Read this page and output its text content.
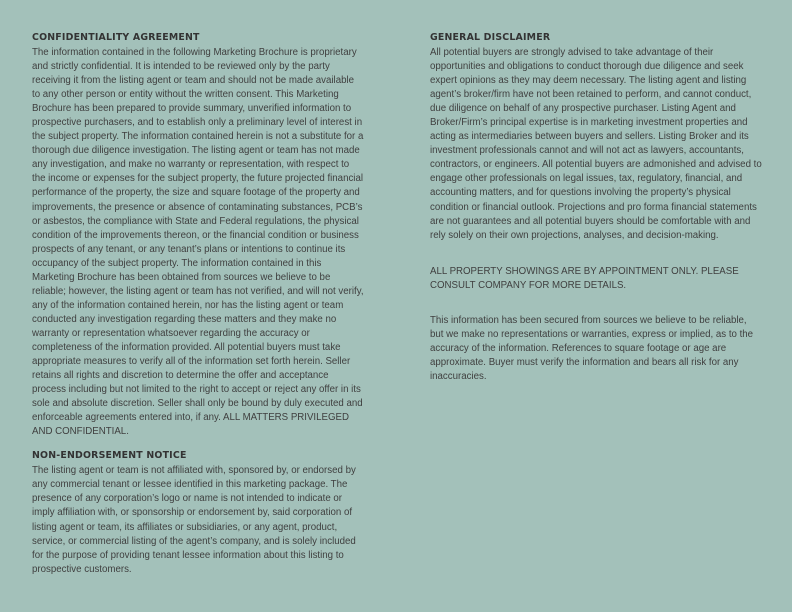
CONFIDENTIALITY AGREEMENT

The information contained in the following Marketing Brochure is proprietary and strictly confidential. It is intended to be reviewed only by the party receiving it from the listing agent or team and should not be made available to any other person or entity without the written consent. This Marketing Brochure has been prepared to provide summary, unverified information to prospective purchasers, and to establish only a preliminary level of interest in the subject property. The information contained herein is not a substitute for a thorough due diligence investigation. The listing agent or team has not made any investigation, and make no warranty or representation, with respect to the income or expenses for the subject property, the future projected financial performance of the property, the size and square footage of the property and improvements, the presence or absence of contaminating substances, PCB’s or asbestos, the compliance with State and Federal regulations, the physical condition of the improvements thereon, or the financial condition or business prospects of any tenant, or any tenant’s plans or intentions to continue its occupancy of the subject property. The information contained in this Marketing Brochure has been obtained from sources we believe to be reliable; however, the listing agent or team has not verified, and will not verify, any of the information contained herein, nor has the listing agent or team conducted any investigation regarding these matters and they make no warranty or representation whatsoever regarding the accuracy or completeness of the information provided. All potential buyers must take appropriate measures to verify all of the information set forth herein. Seller retains all rights and discretion to determine the offer and acceptance process including but not limited to the right to accept or reject any offer in its sole and absolute discretion. Seller shall only be bound by duly executed and enforceable agreements entered into, if any. ALL MATTERS PRIVILEGED AND CONFIDENTIAL.

NON-ENDORSEMENT NOTICE

The listing agent or team is not affiliated with, sponsored by, or endorsed by any commercial tenant or lessee identified in this marketing package. The presence of any corporation’s logo or name is not intended to indicate or imply affiliation with, or sponsorship or endorsement by, said corporation of listing agent or team, its affiliates or subsidiaries, or any agent, product, service, or commercial listing of the agent’s company, and is solely included for the purpose of providing tenant lessee information about this listing to prospective customers.

GENERAL DISCLAIMER

All potential buyers are strongly advised to take advantage of their opportunities and obligations to conduct thorough due diligence and seek expert opinions as they may deem necessary. The listing agent and listing agent’s broker/firm have not been retained to perform, and cannot conduct, due diligence on behalf of any prospective purchaser. Listing Agent and Broker/Firm’s principal expertise is in marketing investment properties and acting as intermediaries between buyers and sellers. Listing Broker and its investment professionals cannot and will not act as lawyers, accountants, contractors, or engineers. All potential buyers are admonished and advised to engage other professionals on legal issues, tax, regulatory, financial, and accounting matters, and for questions involving the property’s physical condition or financial outlook. Projections and pro forma financial statements are not guarantees and all potential buyers should be comfortable with and rely solely on their own projections, analyses, and decision-making.

ALL PROPERTY SHOWINGS ARE BY APPOINTMENT ONLY. PLEASE CONSULT COMPANY FOR MORE DETAILS.

This information has been secured from sources we believe to be reliable, but we make no representations or warranties, express or implied, as to the accuracy of the information. References to square footage or age are approximate. Buyer must verify the information and bears all risk for any inaccuracies.
